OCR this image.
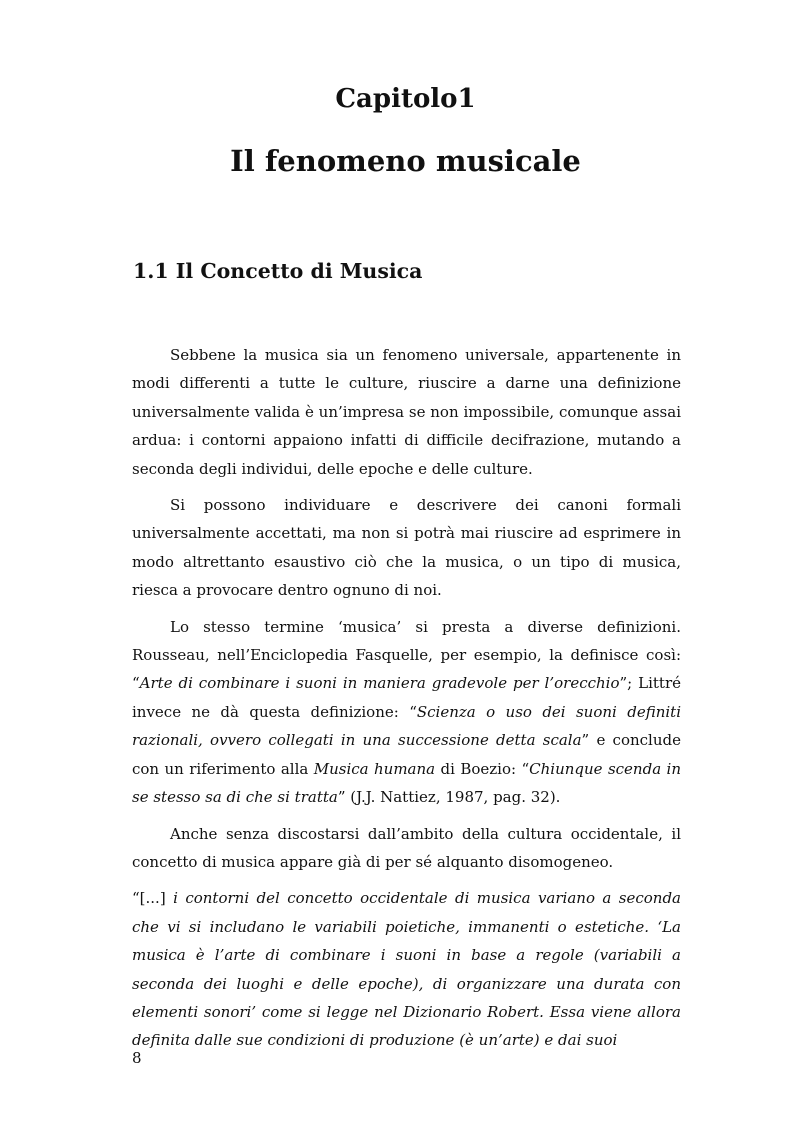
Capitolo1
Il fenomeno musicale
1.1 Il Concetto di Musica

Sebbene la musica sia un fenomeno universale, appartenente in modi differenti a tutte le culture, riuscire a darne una definizione universalmente valida è un’impresa se non impossibile, comunque assai ardua: i contorni appaiono infatti di difficile decifrazione, mutando a seconda degli individui, delle epoche e delle culture.

Si possono individuare e descrivere dei canoni formali universalmente accettati, ma non si potrà mai riuscire ad esprimere in modo altrettanto esaustivo ciò che la musica, o un tipo di musica, riesca a provocare dentro ognuno di noi.

Lo stesso termine ‘musica’ si presta a diverse definizioni. Rousseau, nell’Enciclopedia Fasquelle, per esempio, la definisce così: “Arte di combinare i suoni in maniera gradevole per l’orecchio”; Littré invece ne dà questa definizione: “Scienza o uso dei suoni definiti razionali, ovvero collegati in una successione detta scala” e conclude con un riferimento alla Musica humana di Boezio: “Chiunque scenda in se stesso sa di che si tratta” (J.J. Nattiez, 1987, pag. 32).

Anche senza discostarsi dall’ambito della cultura occidentale, il concetto di musica appare già di per sé alquanto disomogeneo.

“[...] i contorni del concetto occidentale di musica variano a seconda che vi si includano le variabili poietiche, immanenti o estetiche. ‘La musica è l’arte di combinare i suoni in base a regole (variabili a seconda dei luoghi e delle epoche), di organizzare una durata con elementi sonori’ come si legge nel Dizionario Robert. Essa viene allora definita dalle sue condizioni di produzione (è un’arte) e dai suoi

8
